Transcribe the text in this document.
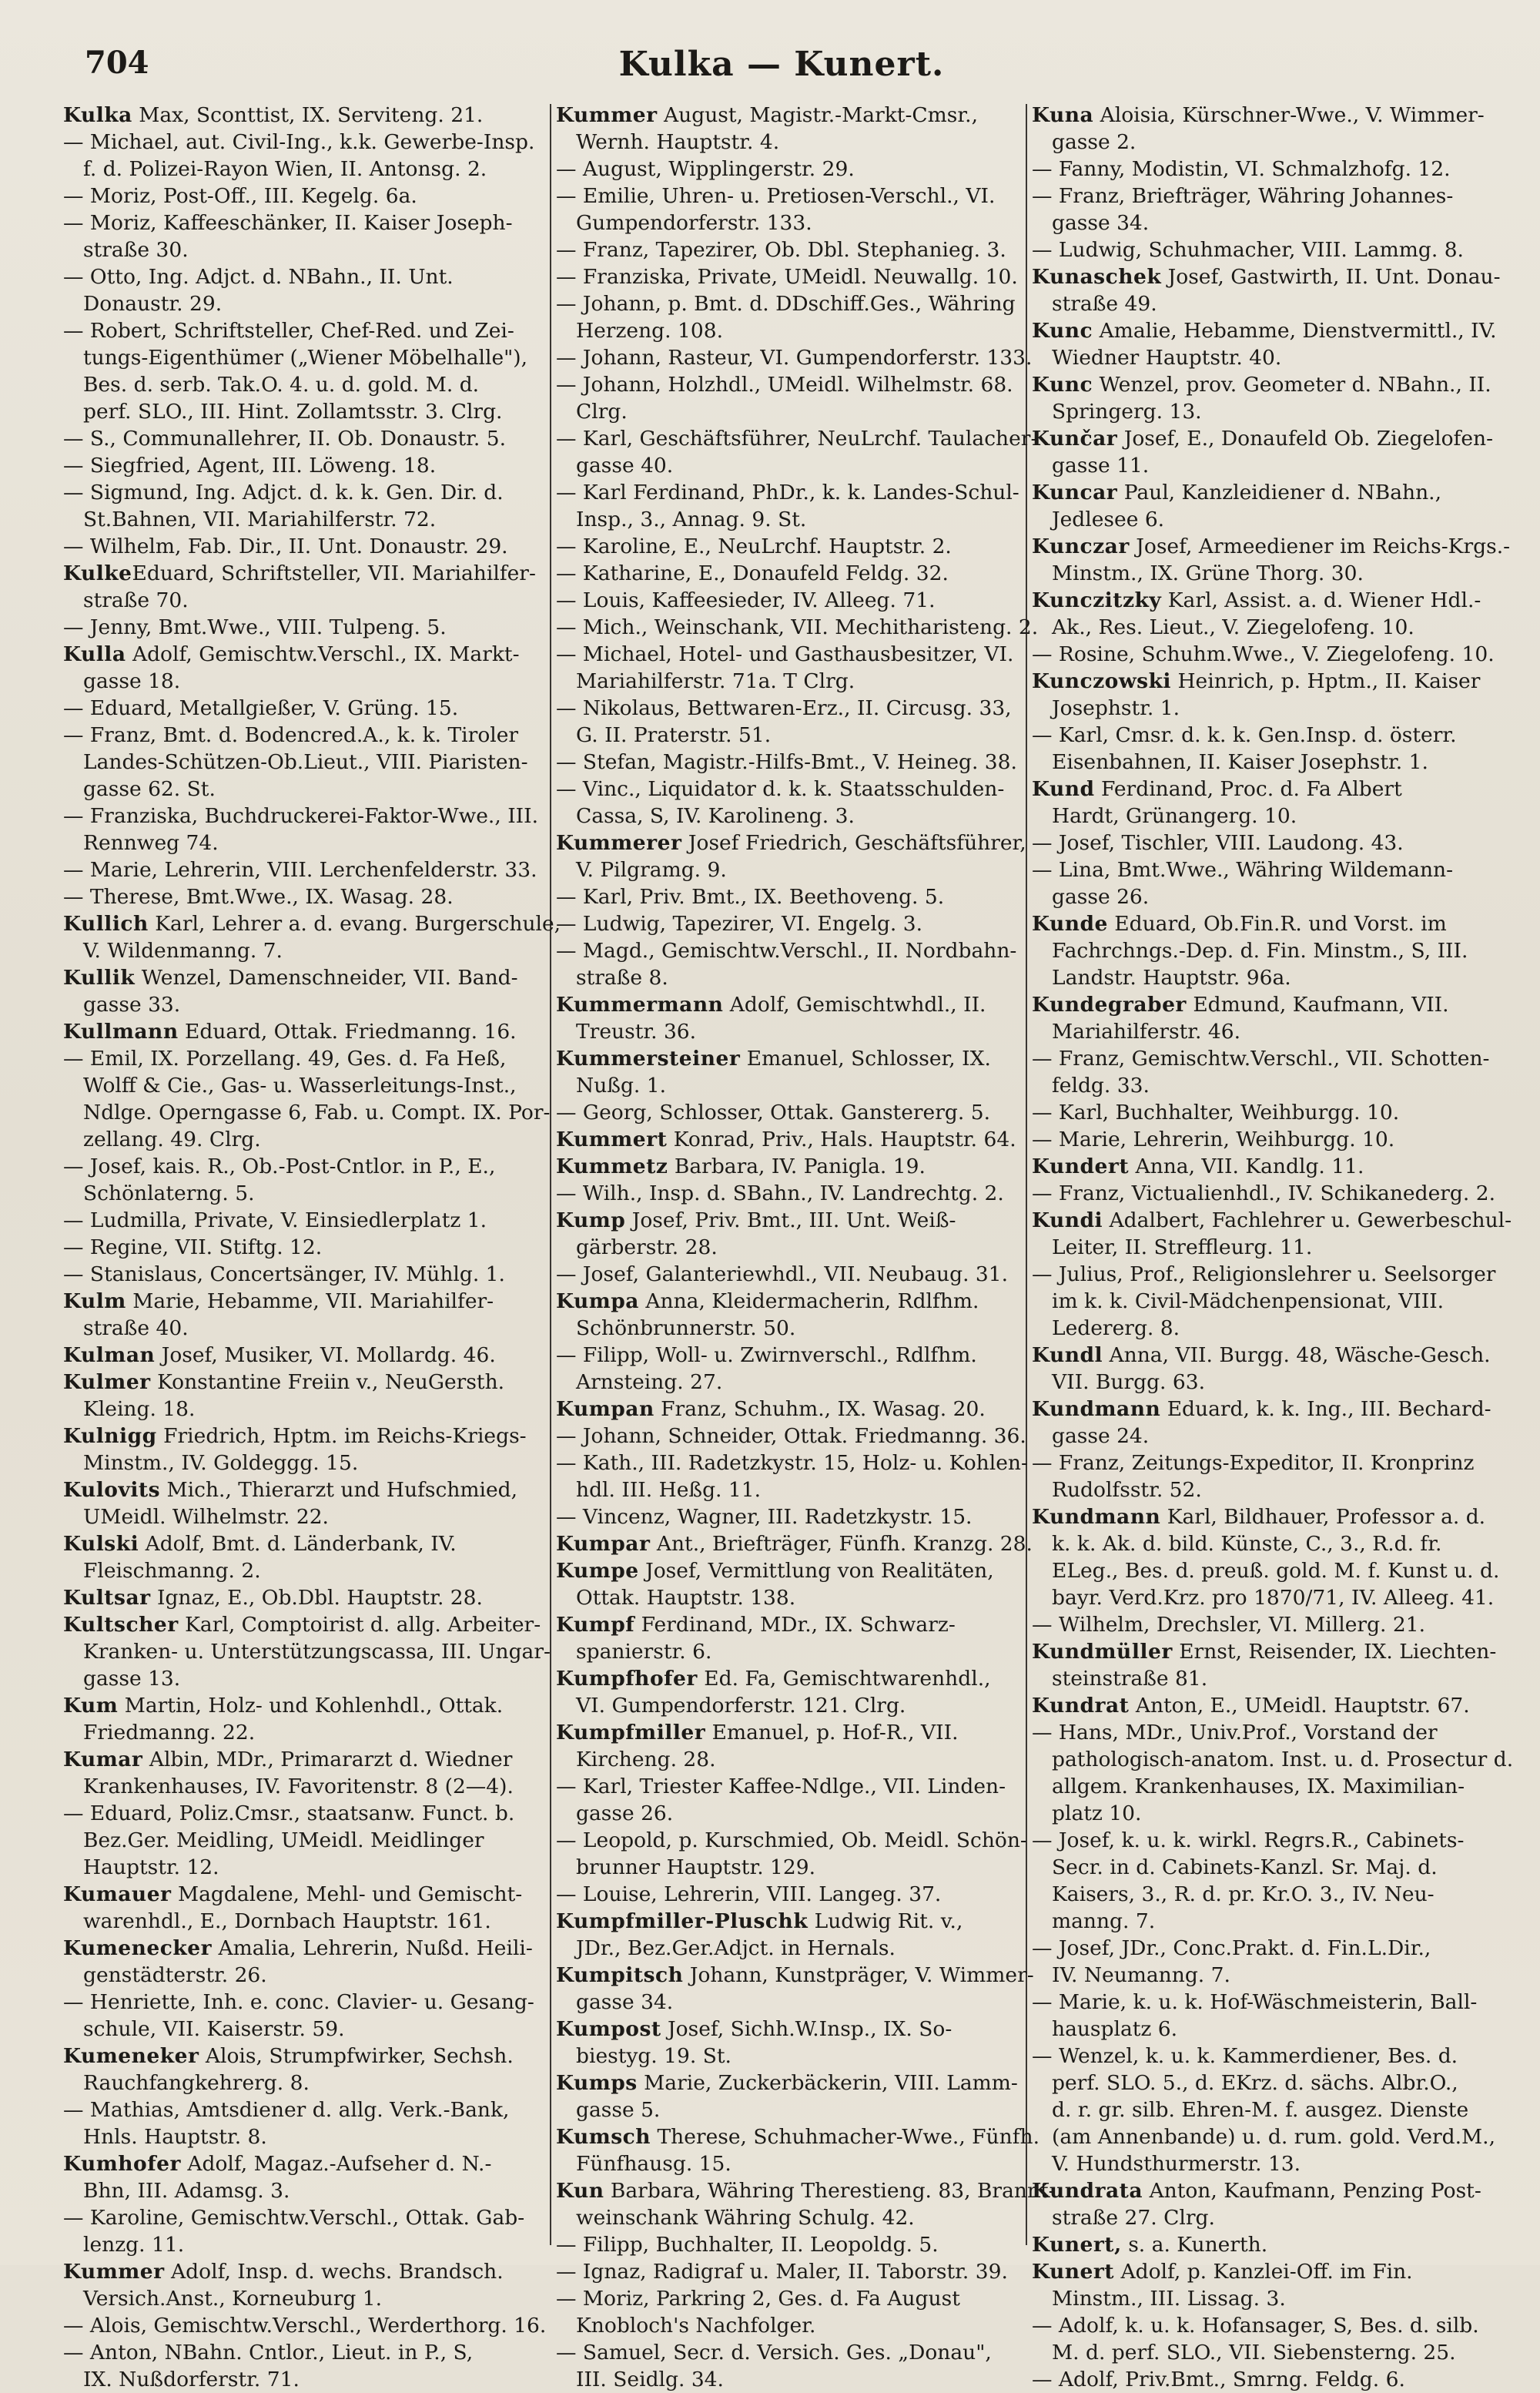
704	Kulka — Kunert.
Kulka Max, Sconttist, IX. Serviteng. 21.
— Michael, aut. Civil-Ing., k.k. Gewerbe-Insp.
f. d. Polizei-Rayon Wien, II. Antonsg. 2.
— Moriz, Post-Off., III. Kegelg. 6a.
— Moriz, Kaffeeschänker, II. Kaiser Joseph-
straße 30.
— Otto, Ing. Adjct. d. NBahn., II. Unt.
Donaustr. 29.
— Robert, Schriftsteller, Chef-Red. und Zei-
tungs-Eigenthümer („Wiener Möbelhalle"),
Bes. d. serb. Tak.O. 4. u. d. gold. M. d.
perf. SLO., III. Hint. Zollamtsstr. 3. Clrg.
— S., Communallehrer, II. Ob. Donaustr. 5.
— Siegfried, Agent, III. Löweng. 18.
— Sigmund, Ing. Adjct. d. k. k. Gen. Dir. d.
St.Bahnen, VII. Mariahilferstr. 72.
— Wilhelm, Fab. Dir., II. Unt. Donaustr. 29.
KulkeEduard, Schriftsteller, VII. Mariahilfer-
straße 70.
— Jenny, Bmt.Wwe., VIII. Tulpeng. 5.
Kulla Adolf, Gemischtw.Verschl., IX. Markt-
gasse 18.
— Eduard, Metallgießer, V. Grüng. 15.
— Franz, Bmt. d. Bodencred.A., k. k. Tiroler
Landes-Schützen-Ob.Lieut., VIII. Piaristen-
gasse 62. St.
— Franziska, Buchdruckerei-Faktor-Wwe., III.
Rennweg 74.
— Marie, Lehrerin, VIII. Lerchenfelderstr. 33.
— Therese, Bmt.Wwe., IX. Wasag. 28.
Kullich Karl, Lehrer a. d. evang. Burgerschule,
V. Wildenmanng. 7.
Kullik Wenzel, Damenschneider, VII. Band-
gasse 33.
Kullmann Eduard, Ottak. Friedmanng. 16.
— Emil, IX. Porzellang. 49, Ges. d. Fa Heß,
Wolff & Cie., Gas- u. Wasserleitungs-Inst.,
Ndlge. Operngasse 6, Fab. u. Compt. IX. Por-
zellang. 49. Clrg.
— Josef, kais. R., Ob.-Post-Cntlor. in P., E.,
Schönlaterng. 5.
— Ludmilla, Private, V. Einsiedlerplatz 1.
— Regine, VII. Stiftg. 12.
— Stanislaus, Concertsänger, IV. Mühlg. 1.
Kulm Marie, Hebamme, VII. Mariahilfer-
straße 40.
Kulman Josef, Musiker, VI. Mollardg. 46.
Kulmer Konstantine Freiin v., NeuGersth.
Kleing. 18.
Kulnigg Friedrich, Hptm. im Reichs-Kriegs-
Minstm., IV. Goldeggg. 15.
Kulovits Mich., Thierarzt und Hufschmied,
UMeidl. Wilhelmstr. 22.
Kulski Adolf, Bmt. d. Länderbank, IV.
Fleischmanng. 2.
Kultsar Ignaz, E., Ob.Dbl. Hauptstr. 28.
Kultscher Karl, Comptoirist d. allg. Arbeiter-
Kranken- u. Unterstützungscassa, III. Ungar-
gasse 13.
Kum Martin, Holz- und Kohlenhdl., Ottak.
Friedmanng. 22.
Kumar Albin, MDr., Primararzt d. Wiedner
Krankenhauses, IV. Favoritenstr. 8 (2—4).
— Eduard, Poliz.Cmsr., staatsanw. Funct. b.
Bez.Ger. Meidling, UMeidl. Meidlinger
Hauptstr. 12.
Kumauer Magdalene, Mehl- und Gemischt-
warenhdl., E., Dornbach Hauptstr. 161.
Kumenecker Amalia, Lehrerin, Nußd. Heili-
genstädterstr. 26.
— Henriette, Inh. e. conc. Clavier- u. Gesang-
schule, VII. Kaiserstr. 59.
Kumeneker Alois, Strumpfwirker, Sechsh.
Rauchfangkehrerg. 8.
— Mathias, Amtsdiener d. allg. Verk.-Bank,
Hnls. Hauptstr. 8.
Kumhofer Adolf, Magaz.-Aufseher d. N.-
Bhn, III. Adamsg. 3.
— Karoline, Gemischtw.Verschl., Ottak. Gab-
lenzg. 11.
Kummer Adolf, Insp. d. wechs. Brandsch.
Versich.Anst., Korneuburg 1.
— Alois, Gemischtw.Verschl., Werderthorg. 16.
— Anton, NBahn. Cntlor., Lieut. in P., S,
IX. Nußdorferstr. 71.
Kummer August, Magistr.-Markt-Cmsr.,
Wernh. Hauptstr. 4.
— August, Wipplingerstr. 29.
— Emilie, Uhren- u. Pretiosen-Verschl., VI.
Gumpendorferstr. 133.
— Franz, Tapezirer, Ob. Dbl. Stephanieg. 3.
— Franziska, Private, UMeidl. Neuwallg. 10.
— Johann, p. Bmt. d. DDschiff.Ges., Währing
Herzeng. 108.
— Johann, Rasteur, VI. Gumpendorferstr. 133.
— Johann, Holzhdl., UMeidl. Wilhelmstr. 68.
Clrg.
— Karl, Geschäftsführer, NeuLrchf. Taulacher-
gasse 40.
— Karl Ferdinand, PhDr., k. k. Landes-Schul-
Insp., 3., Annag. 9. St.
— Karoline, E., NeuLrchf. Hauptstr. 2.
— Katharine, E., Donaufeld Feldg. 32.
— Louis, Kaffeesieder, IV. Alleeg. 71.
— Mich., Weinschank, VII. Mechitharisteng. 2.
— Michael, Hotel- und Gasthausbesitzer, VI.
Mariahilferstr. 71a. T Clrg.
— Nikolaus, Bettwaren-Erz., II. Circusg. 33,
G. II. Praterstr. 51.
— Stefan, Magistr.-Hilfs-Bmt., V. Heineg. 38.
— Vinc., Liquidator d. k. k. Staatsschulden-
Cassa, S, IV. Karolineng. 3.
Kummerer Josef Friedrich, Geschäftsführer,
V. Pilgramg. 9.
— Karl, Priv. Bmt., IX. Beethoveng. 5.
— Ludwig, Tapezirer, VI. Engelg. 3.
— Magd., Gemischtw.Verschl., II. Nordbahn-
straße 8.
Kummermann Adolf, Gemischtwhdl., II.
Treustr. 36.
Kummersteiner Emanuel, Schlosser, IX.
Nußg. 1.
— Georg, Schlosser, Ottak. Ganstererg. 5.
Kummert Konrad, Priv., Hals. Hauptstr. 64.
Kummetz Barbara, IV. Panigla. 19.
— Wilh., Insp. d. SBahn., IV. Landrechtg. 2.
Kump Josef, Priv. Bmt., III. Unt. Weiß-
gärberstr. 28.
— Josef, Galanteriewhdl., VII. Neubaug. 31.
Kumpa Anna, Kleidermacherin, Rdlfhm.
Schönbrunnerstr. 50.
— Filipp, Woll- u. Zwirnverschl., Rdlfhm.
Arnsteing. 27.
Kumpan Franz, Schuhm., IX. Wasag. 20.
— Johann, Schneider, Ottak. Friedmanng. 36.
— Kath., III. Radetzkystr. 15, Holz- u. Kohlen-
hdl. III. Heßg. 11.
— Vincenz, Wagner, III. Radetzkystr. 15.
Kumpar Ant., Briefträger, Fünfh. Kranzg. 28.
Kumpe Josef, Vermittlung von Realitäten,
Ottak. Hauptstr. 138.
Kumpf Ferdinand, MDr., IX. Schwarz-
spanierstr. 6.
Kumpfhofer Ed. Fa, Gemischtwarenhdl.,
VI. Gumpendorferstr. 121. Clrg.
Kumpfmiller Emanuel, p. Hof-R., VII.
Kircheng. 28.
— Karl, Triester Kaffee-Ndlge., VII. Linden-
gasse 26.
— Leopold, p. Kurschmied, Ob. Meidl. Schön-
brunner Hauptstr. 129.
— Louise, Lehrerin, VIII. Langeg. 37.
Kumpfmiller-Pluschk Ludwig Rit. v.,
JDr., Bez.Ger.Adjct. in Hernals.
Kumpitsch Johann, Kunstpräger, V. Wimmer-
gasse 34.
Kumpost Josef, Sichh.W.Insp., IX. So-
biestyg. 19. St.
Kumps Marie, Zuckerbäckerin, VIII. Lamm-
gasse 5.
Kumsch Therese, Schuhmacher-Wwe., Fünfh.
Fünfhausg. 15.
Kun Barbara, Währing Therestieng. 83, Brannt-
weinschank Währing Schulg. 42.
— Filipp, Buchhalter, II. Leopoldg. 5.
— Ignaz, Radigraf u. Maler, II. Taborstr. 39.
— Moriz, Parkring 2, Ges. d. Fa August
Knobloch's Nachfolger.
— Samuel, Secr. d. Versich. Ges. „Donau",
III. Seidlg. 34.
Kuna Aloisia, Kürschner-Wwe., V. Wimmer-
gasse 2.
— Fanny, Modistin, VI. Schmalzhofg. 12.
— Franz, Briefträger, Währing Johannes-
gasse 34.
— Ludwig, Schuhmacher, VIII. Lammg. 8.
Kunaschek Josef, Gastwirth, II. Unt. Donau-
straße 49.
Kunc Amalie, Hebamme, Dienstvermittl., IV.
Wiedner Hauptstr. 40.
Kunc Wenzel, prov. Geometer d. NBahn., II.
Springerg. 13.
Kunčar Josef, E., Donaufeld Ob. Ziegelofen-
gasse 11.
Kuncar Paul, Kanzleidiener d. NBahn.,
Jedlesee 6.
Kunczar Josef, Armeediener im Reichs-Krgs.-
Minstm., IX. Grüne Thorg. 30.
Kunczitzky Karl, Assist. a. d. Wiener Hdl.-
Ak., Res. Lieut., V. Ziegelofeng. 10.
— Rosine, Schuhm.Wwe., V. Ziegelofeng. 10.
Kunczowski Heinrich, p. Hptm., II. Kaiser
Josephstr. 1.
— Karl, Cmsr. d. k. k. Gen.Insp. d. österr.
Eisenbahnen, II. Kaiser Josephstr. 1.
Kund Ferdinand, Proc. d. Fa Albert
Hardt, Grünangerg. 10.
— Josef, Tischler, VIII. Laudong. 43.
— Lina, Bmt.Wwe., Währing Wildemann-
gasse 26.
Kunde Eduard, Ob.Fin.R. und Vorst. im
Fachrchngs.-Dep. d. Fin. Minstm., S, III.
Landstr. Hauptstr. 96a.
Kundegraber Edmund, Kaufmann, VII.
Mariahilferstr. 46.
— Franz, Gemischtw.Verschl., VII. Schotten-
feldg. 33.
— Karl, Buchhalter, Weihburgg. 10.
— Marie, Lehrerin, Weihburgg. 10.
Kundert Anna, VII. Kandlg. 11.
— Franz, Victualienhdl., IV. Schikanederg. 2.
Kundi Adalbert, Fachlehrer u. Gewerbeschul-
Leiter, II. Streffleurg. 11.
— Julius, Prof., Religionslehrer u. Seelsorger
im k. k. Civil-Mädchenpensionat, VIII.
Ledererg. 8.
Kundl Anna, VII. Burgg. 48, Wäsche-Gesch.
VII. Burgg. 63.
Kundmann Eduard, k. k. Ing., III. Bechard-
gasse 24.
— Franz, Zeitungs-Expeditor, II. Kronprinz
Rudolfsstr. 52.
Kundmann Karl, Bildhauer, Professor a. d.
k. k. Ak. d. bild. Künste, C., 3., R.d. fr.
ELeg., Bes. d. preuß. gold. M. f. Kunst u. d.
bayr. Verd.Krz. pro 1870/71, IV. Alleeg. 41.
— Wilhelm, Drechsler, VI. Millerg. 21.
Kundmüller Ernst, Reisender, IX. Liechten-
steinstraße 81.
Kundrat Anton, E., UMeidl. Hauptstr. 67.
— Hans, MDr., Univ.Prof., Vorstand der
pathologisch-anatom. Inst. u. d. Prosectur d.
allgem. Krankenhauses, IX. Maximilian-
platz 10.
— Josef, k. u. k. wirkl. Regrs.R., Cabinets-
Secr. in d. Cabinets-Kanzl. Sr. Maj. d.
Kaisers, 3., R. d. pr. Kr.O. 3., IV. Neu-
manng. 7.
— Josef, JDr., Conc.Prakt. d. Fin.L.Dir.,
IV. Neumanng. 7.
— Marie, k. u. k. Hof-Wäschmeisterin, Ball-
hausplatz 6.
— Wenzel, k. u. k. Kammerdiener, Bes. d.
perf. SLO. 5., d. EKrz. d. sächs. Albr.O.,
d. r. gr. silb. Ehren-M. f. ausgez. Dienste
(am Annenbande) u. d. rum. gold. Verd.M.,
V. Hundsthurmerstr. 13.
Kundrata Anton, Kaufmann, Penzing Post-
straße 27. Clrg.
Kunert, s. a. Kunerth.
Kunert Adolf, p. Kanzlei-Off. im Fin.
Minstm., III. Lissag. 3.
— Adolf, k. u. k. Hofansager, S, Bes. d. silb.
M. d. perf. SLO., VII. Siebensterng. 25.
— Adolf, Priv.Bmt., Smrng. Feldg. 6.
